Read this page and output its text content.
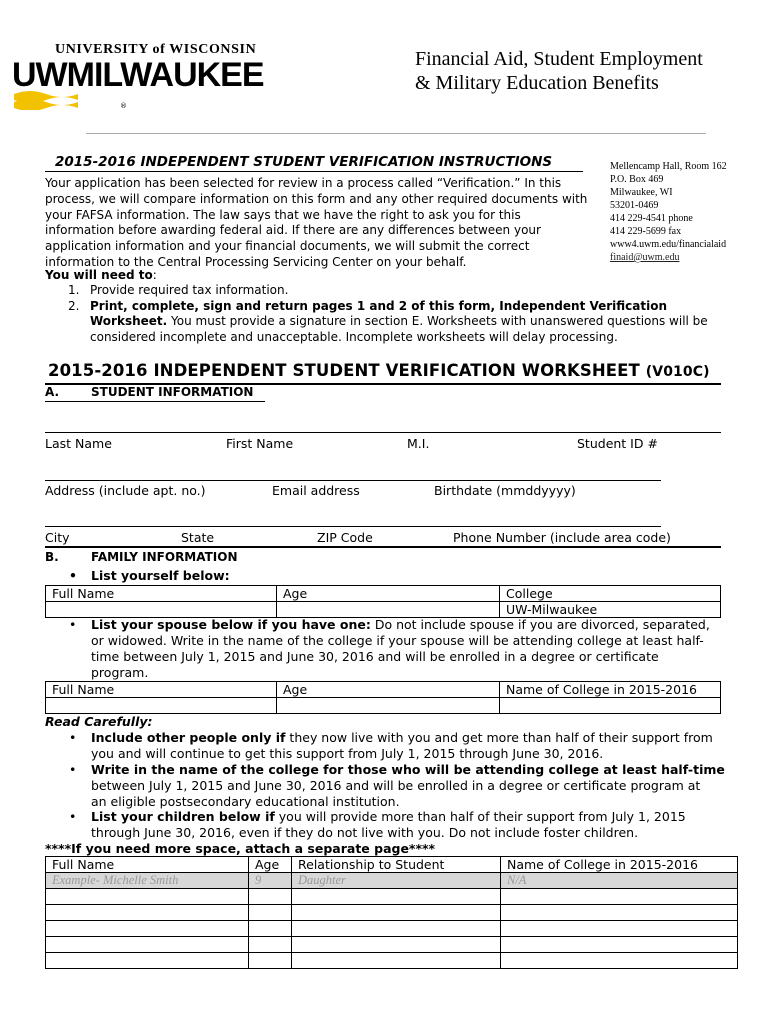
UNIVERSITY of WISCONSIN
UWMILWAUKEE
®
Financial Aid, Student Employment
& Military Education Benefits
2015-2016 INDEPENDENT STUDENT VERIFICATION INSTRUCTIONS
Your application has been selected for review in a process called “Verification.” In this
process, we will compare information on this form and any other required documents with
your FAFSA information. The law says that we have the right to ask you for this
information before awarding federal aid. If there are any differences between your
application information and your financial documents, we will submit the correct
information to the Central Processing Servicing Center on your behalf.
Mellencamp Hall, Room 162
P.O. Box 469
Milwaukee, WI
53201-0469
414 229-4541 phone
414 229-5699 fax
www4.uwm.edu/financialaid
finaid@uwm.edu
You will need to:
1. Provide required tax information.
2. Print, complete, sign and return pages 1 and 2 of this form, Independent Verification
Worksheet. You must provide a signature in section E. Worksheets with unanswered questions will be
considered incomplete and unacceptable. Incomplete worksheets will delay processing.
2015-2016 INDEPENDENT STUDENT VERIFICATION WORKSHEET (V010C)
A.	STUDENT INFORMATION
Last Name	First Name	M.I.	Student ID #
Address (include apt. no.)	Email address	Birthdate (mmddyyyy)
City	State	ZIP Code	Phone Number (include area code)
B.	FAMILY INFORMATION
• List yourself below:
Full Name	Age	College
		UW-Milwaukee
• List your spouse below if you have one: Do not include spouse if you are divorced, separated,
or widowed. Write in the name of the college if your spouse will be attending college at least half-
time between July 1, 2015 and June 30, 2016 and will be enrolled in a degree or certificate
program.
Full Name	Age	Name of College in 2015-2016

Read Carefully:
• Include other people only if they now live with you and get more than half of their support from
you and will continue to get this support from July 1, 2015 through June 30, 2016.
• Write in the name of the college for those who will be attending college at least half-time
between July 1, 2015 and June 30, 2016 and will be enrolled in a degree or certificate program at
an eligible postsecondary educational institution.
• List your children below if you will provide more than half of their support from July 1, 2015
through June 30, 2016, even if they do not live with you. Do not include foster children.
****If you need more space, attach a separate page****
Full Name	Age	Relationship to Student	Name of College in 2015-2016
Example- Michelle Smith	9	Daughter	N/A
